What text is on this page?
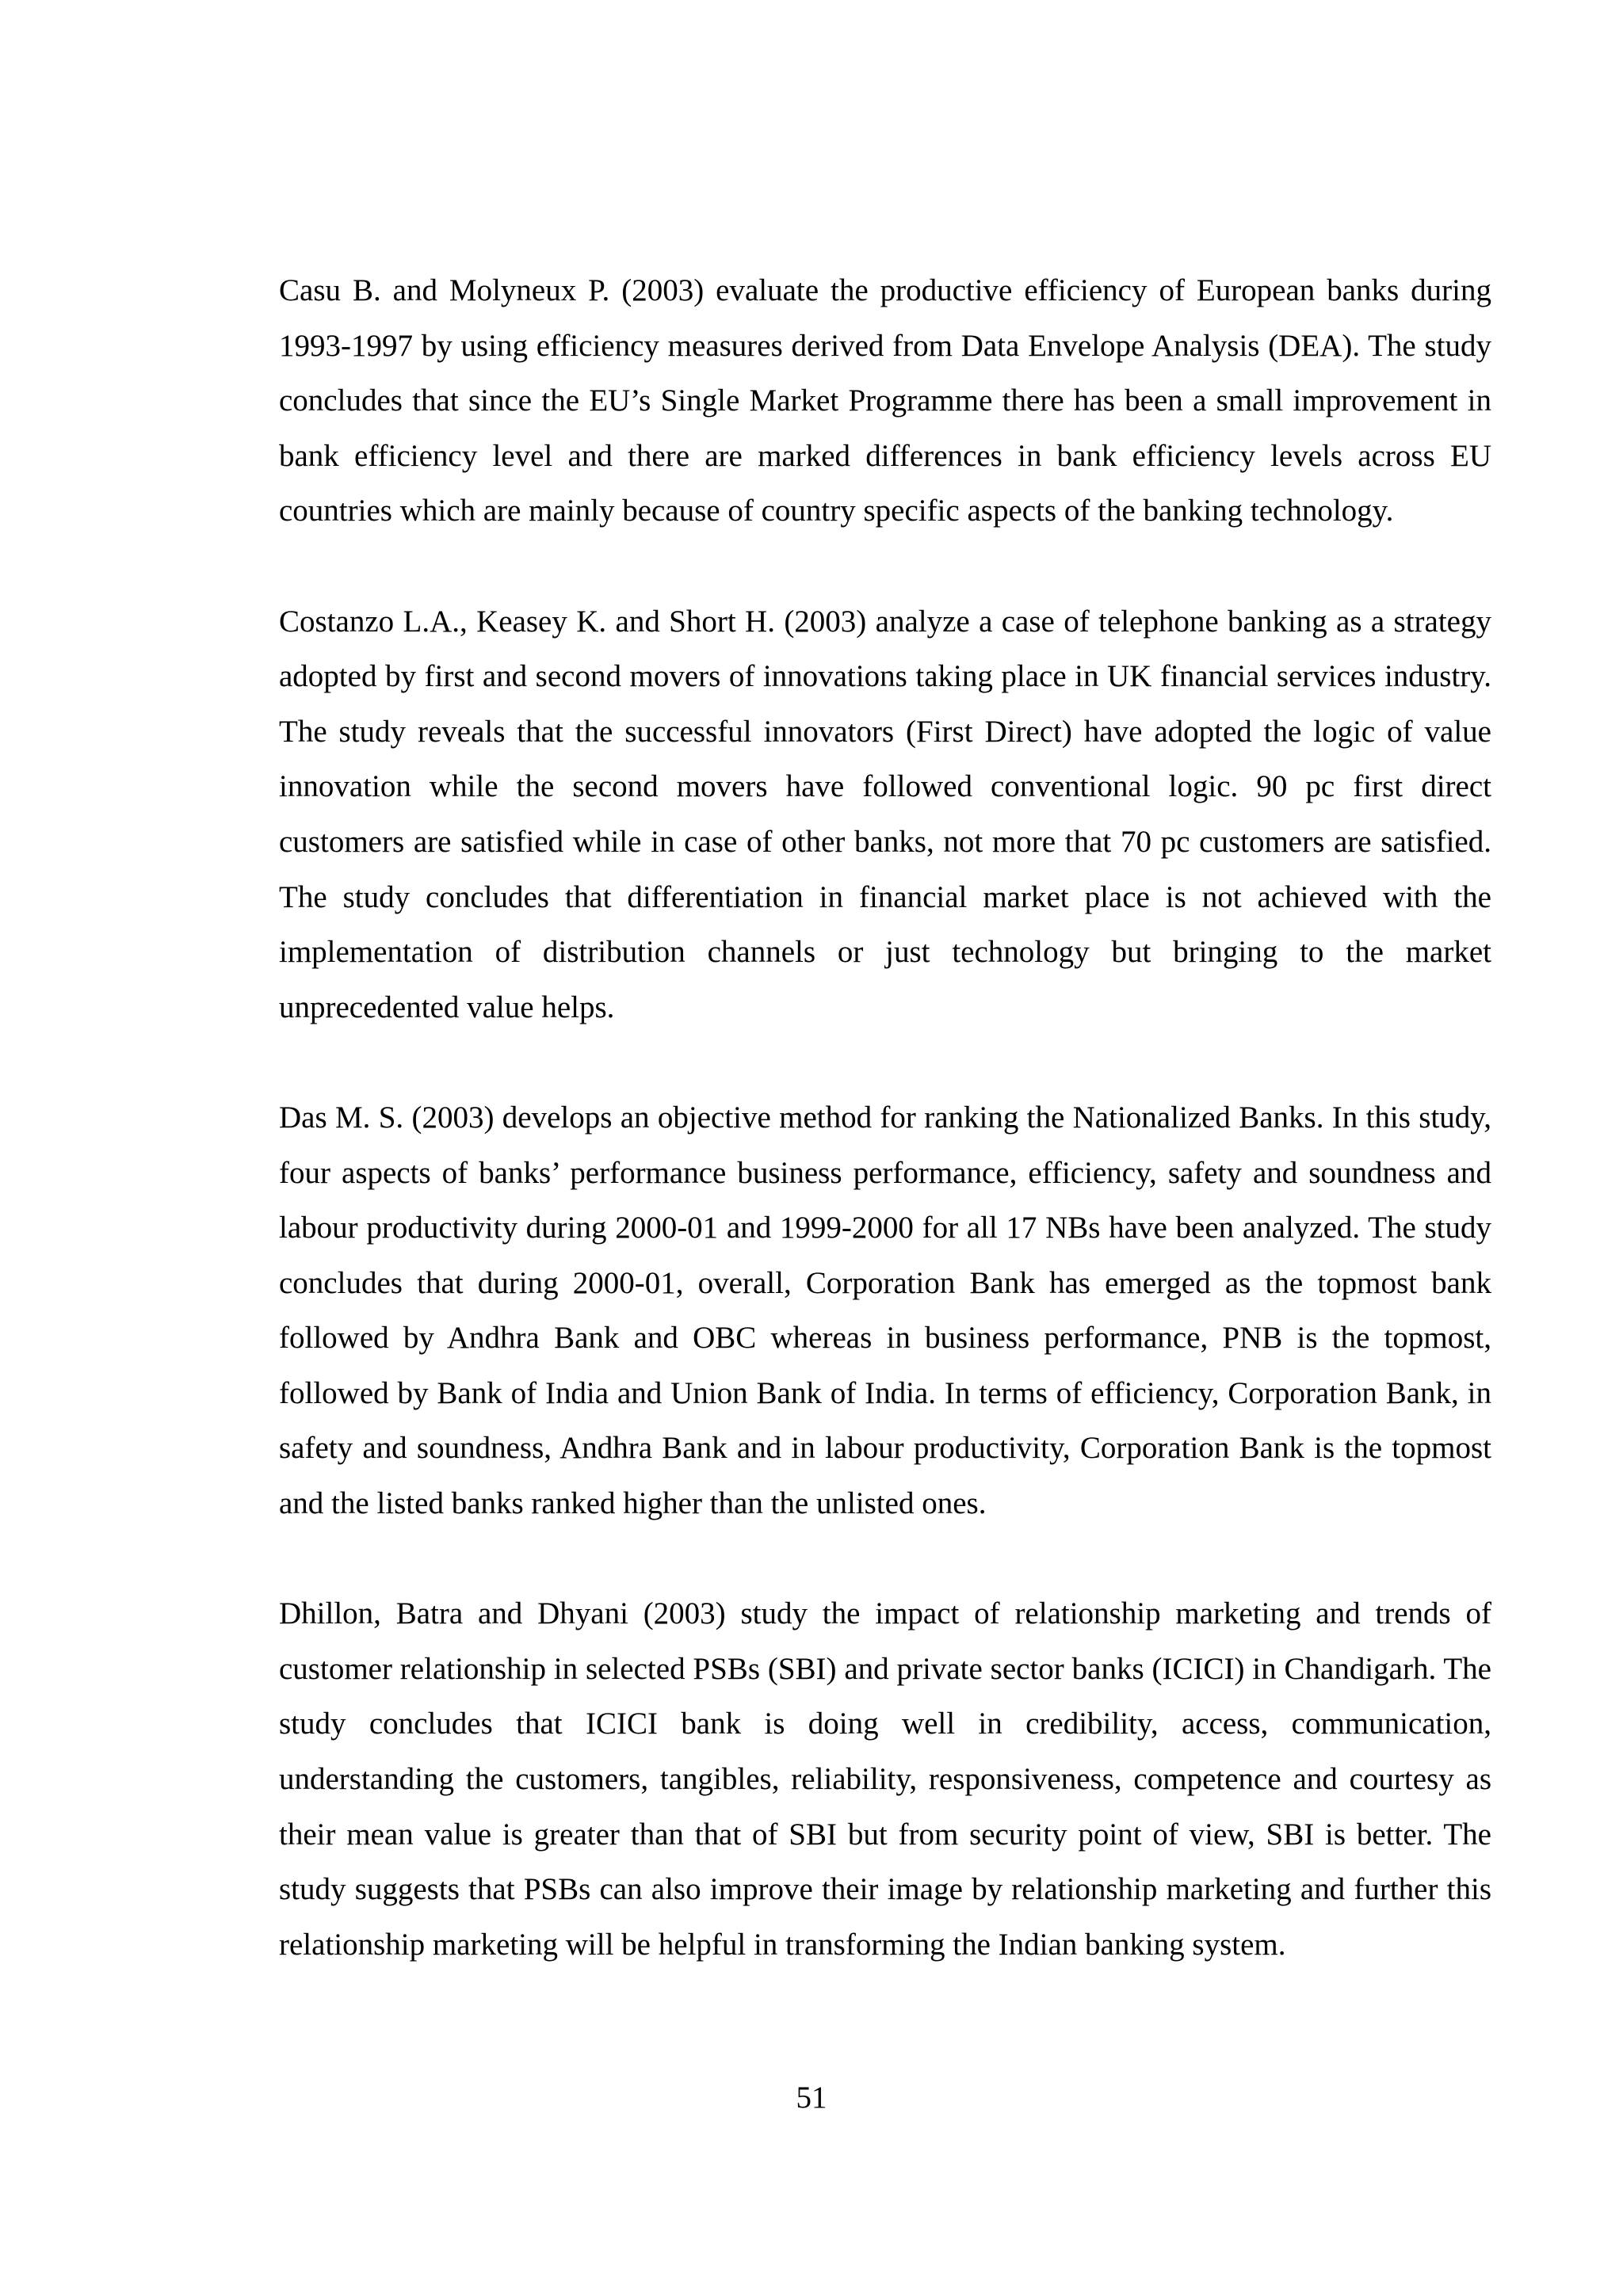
Casu B. and Molyneux P. (2003) evaluate the productive efficiency of European banks during 1993-1997 by using efficiency measures derived from Data Envelope Analysis (DEA). The study concludes that since the EU’s Single Market Programme there has been a small improvement in bank efficiency level and there are marked differences in bank efficiency levels across EU countries which are mainly because of country specific aspects of the banking technology.

Costanzo L.A., Keasey K. and Short H. (2003) analyze a case of telephone banking as a strategy adopted by first and second movers of innovations taking place in UK financial services industry. The study reveals that the successful innovators (First Direct) have adopted the logic of value innovation while the second movers have followed conventional logic. 90 pc first direct customers are satisfied while in case of other banks, not more that 70 pc customers are satisfied. The study concludes that differentiation in financial market place is not achieved with the implementation of distribution channels or just technology but bringing to the market unprecedented value helps.

Das M. S. (2003) develops an objective method for ranking the Nationalized Banks. In this study, four aspects of banks’ performance business performance, efficiency, safety and soundness and labour productivity during 2000-01 and 1999-2000 for all 17 NBs have been analyzed. The study concludes that during 2000-01, overall, Corporation Bank has emerged as the topmost bank followed by Andhra Bank and OBC whereas in business performance, PNB is the topmost, followed by Bank of India and Union Bank of India. In terms of efficiency, Corporation Bank, in safety and soundness, Andhra Bank and in labour productivity, Corporation Bank is the topmost and the listed banks ranked higher than the unlisted ones.

Dhillon, Batra and Dhyani (2003) study the impact of relationship marketing and trends of customer relationship in selected PSBs (SBI) and private sector banks (ICICI) in Chandigarh. The study concludes that ICICI bank is doing well in credibility, access, communication, understanding the customers, tangibles, reliability, responsiveness, competence and courtesy as their mean value is greater than that of SBI but from security point of view, SBI is better. The study suggests that PSBs can also improve their image by relationship marketing and further this relationship marketing will be helpful in transforming the Indian banking system.

51
